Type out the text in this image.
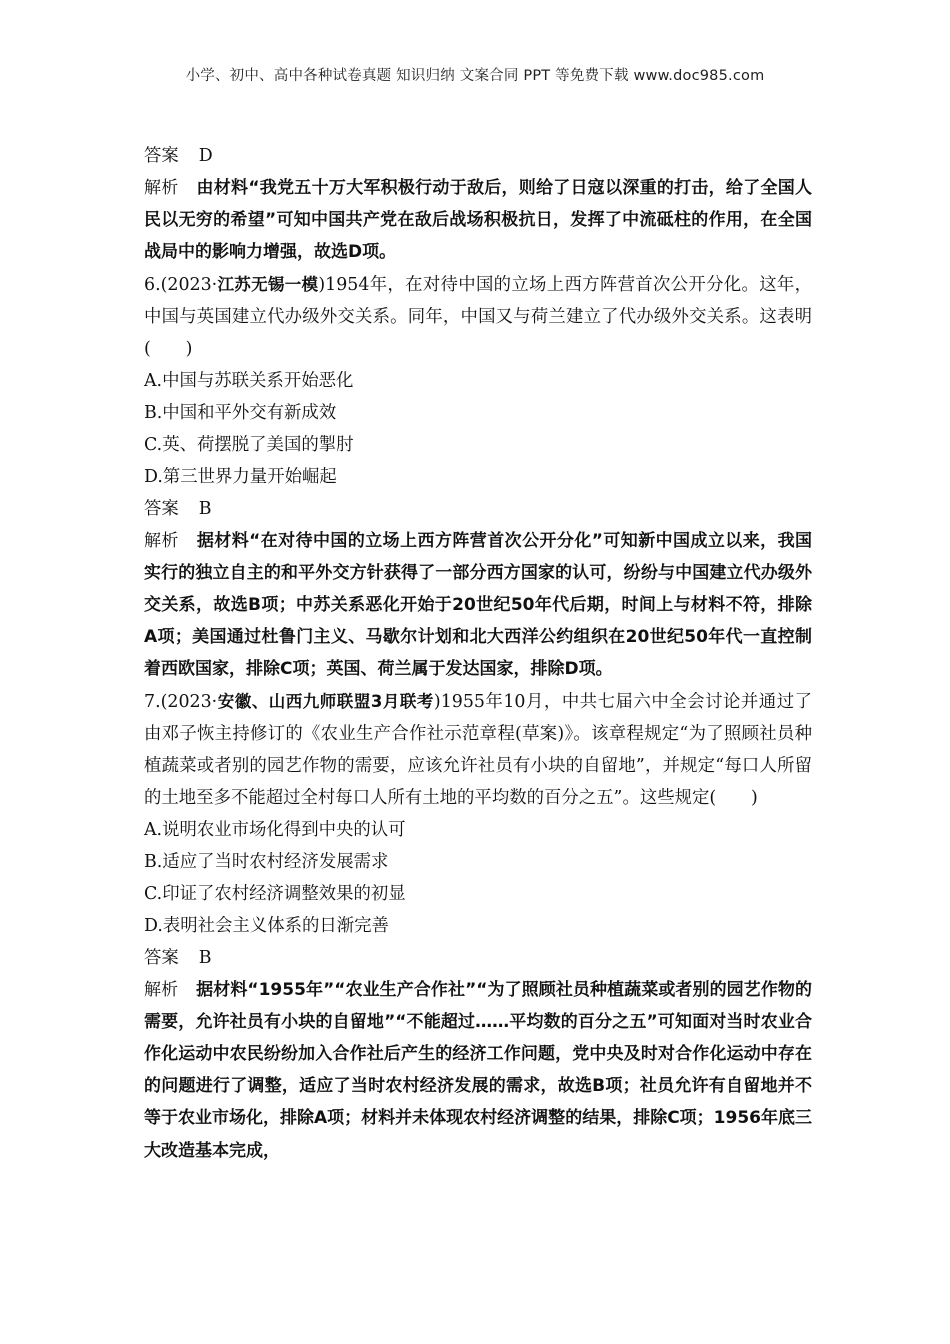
小学、初中、高中各种试卷真题 知识归纳 文案合同 PPT 等免费下载 www.doc985.com

答案 D

解析 由材料“我党五十万大军积极行动于敌后，则给了日寇以深重的打击，给了全国人民以无穷的希望”可知中国共产党在敌后战场积极抗日，发挥了中流砥柱的作用，在全国战局中的影响力增强，故选D项。

6.(2023·江苏无锡一模)1954年，在对待中国的立场上西方阵营首次公开分化。这年，中国与英国建立代办级外交关系。同年，中国又与荷兰建立了代办级外交关系。这表明(　　)

A.中国与苏联关系开始恶化

B.中国和平外交有新成效

C.英、荷摆脱了美国的掣肘

D.第三世界力量开始崛起

答案 B

解析 据材料“在对待中国的立场上西方阵营首次公开分化”可知新中国成立以来，我国实行的独立自主的和平外交方针获得了一部分西方国家的认可，纷纷与中国建立代办级外交关系，故选B项；中苏关系恶化开始于20世纪50年代后期，时间上与材料不符，排除A项；美国通过杜鲁门主义、马歇尔计划和北大西洋公约组织在20世纪50年代一直控制着西欧国家，排除C项；英国、荷兰属于发达国家，排除D项。

7.(2023·安徽、山西九师联盟3月联考)1955年10月，中共七届六中全会讨论并通过了由邓子恢主持修订的《农业生产合作社示范章程(草案)》。该章程规定“为了照顾社员种植蔬菜或者别的园艺作物的需要，应该允许社员有小块的自留地”，并规定“每口人所留的土地至多不能超过全村每口人所有土地的平均数的百分之五”。这些规定(　　)

A.说明农业市场化得到中央的认可

B.适应了当时农村经济发展需求

C.印证了农村经济调整效果的初显

D.表明社会主义体系的日渐完善

答案 B

解析 据材料“1955年”“农业生产合作社”“为了照顾社员种植蔬菜或者别的园艺作物的需要，允许社员有小块的自留地”“不能超过……平均数的百分之五”可知面对当时农业合作化运动中农民纷纷加入合作社后产生的经济工作问题，党中央及时对合作化运动中存在的问题进行了调整，适应了当时农村经济发展的需求，故选B项；社员允许有自留地并不等于农业市场化，排除A项；材料并未体现农村经济调整的结果，排除C项；1956年底三大改造基本完成，
